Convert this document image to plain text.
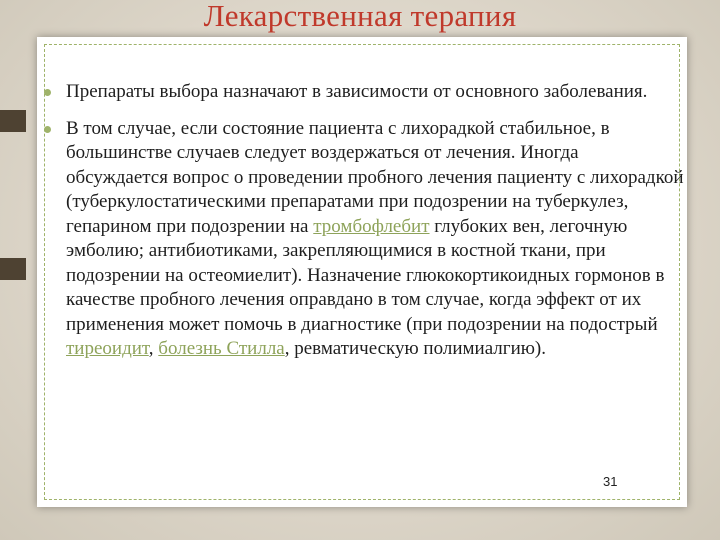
Лекарственная терапия
Препараты выбора назначают в зависимости от основного заболевания.
В том случае, если состояние пациента с лихорадкой стабильное, в большинстве случаев следует воздержаться от лечения. Иногда обсуждается вопрос о проведении пробного лечения пациенту с лихорадкой (туберкулостатическими препаратами при подозрении на туберкулез, гепарином при подозрении на тромбофлебит глубоких вен, легочную эмболию; антибиотиками, закрепляющимися в костной ткани, при подозрении на остеомиелит). Назначение глюкокортикоидных гормонов в качестве пробного лечения оправдано в том случае, когда эффект от их применения может помочь в диагностике (при подозрении на подострый тиреоидит, болезнь Стилла, ревматическую полимиалгию).
31
